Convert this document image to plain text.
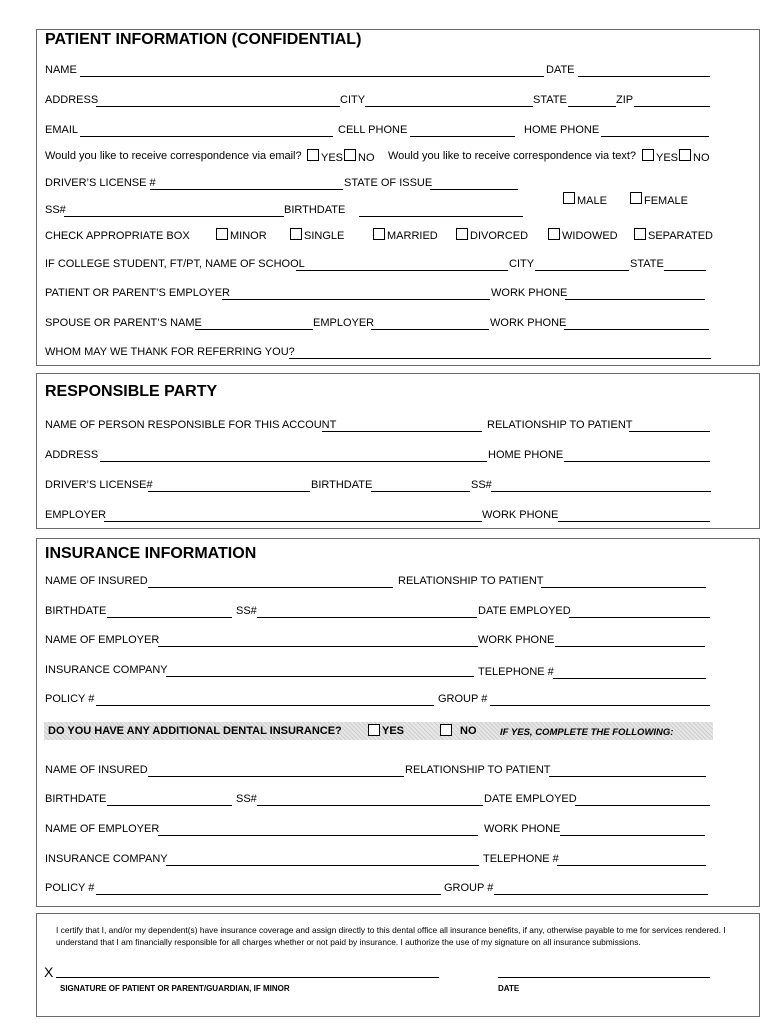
PATIENT INFORMATION (CONFIDENTIAL)
NAME	DATE
ADDRESS	CITY	STATE	ZIP
EMAIL	CELL PHONE	HOME PHONE
Would you like to receive correspondence via email? YES NO Would you like to receive correspondence via text? YES NO
DRIVER’S LICENSE #	STATE OF ISSUE
MALE	FEMALE
SS#	BIRTHDATE
CHECK APPROPRIATE BOX	MINOR	SINGLE	MARRIED	DIVORCED	WIDOWED	SEPARATED
IF COLLEGE STUDENT, FT/PT, NAME OF SCHOOL	CITY	STATE
PATIENT OR PARENT’S EMPLOYER	WORK PHONE
SPOUSE OR PARENT’S NAME	EMPLOYER	WORK PHONE
WHOM MAY WE THANK FOR REFERRING YOU?
RESPONSIBLE PARTY
NAME OF PERSON RESPONSIBLE FOR THIS ACCOUNT	RELATIONSHIP TO PATIENT
ADDRESS	HOME PHONE
DRIVER’S LICENSE#	BIRTHDATE	SS#
EMPLOYER	WORK PHONE
INSURANCE INFORMATION
NAME OF INSURED	RELATIONSHIP TO PATIENT
BIRTHDATE	SS#	DATE EMPLOYED
NAME OF EMPLOYER	WORK PHONE
INSURANCE COMPANY	TELEPHONE #
POLICY #	GROUP #
DO YOU HAVE ANY ADDITIONAL DENTAL INSURANCE?	YES	NO IF YES, COMPLETE THE FOLLOWING:
NAME OF INSURED	RELATIONSHIP TO PATIENT
BIRTHDATE	SS#	DATE EMPLOYED
NAME OF EMPLOYER	WORK PHONE
INSURANCE COMPANY	TELEPHONE #
POLICY #	GROUP #
I certify that I, and/or my dependent(s) have insurance coverage and assign directly to this dental office all insurance benefits, if any, otherwise payable to me for services rendered. I understand that I am financially responsible for all charges whether or not paid by insurance. I authorize the use of my signature on all insurance submissions.
X
SIGNATURE OF PATIENT OR PARENT/GUARDIAN, IF MINOR	DATE
